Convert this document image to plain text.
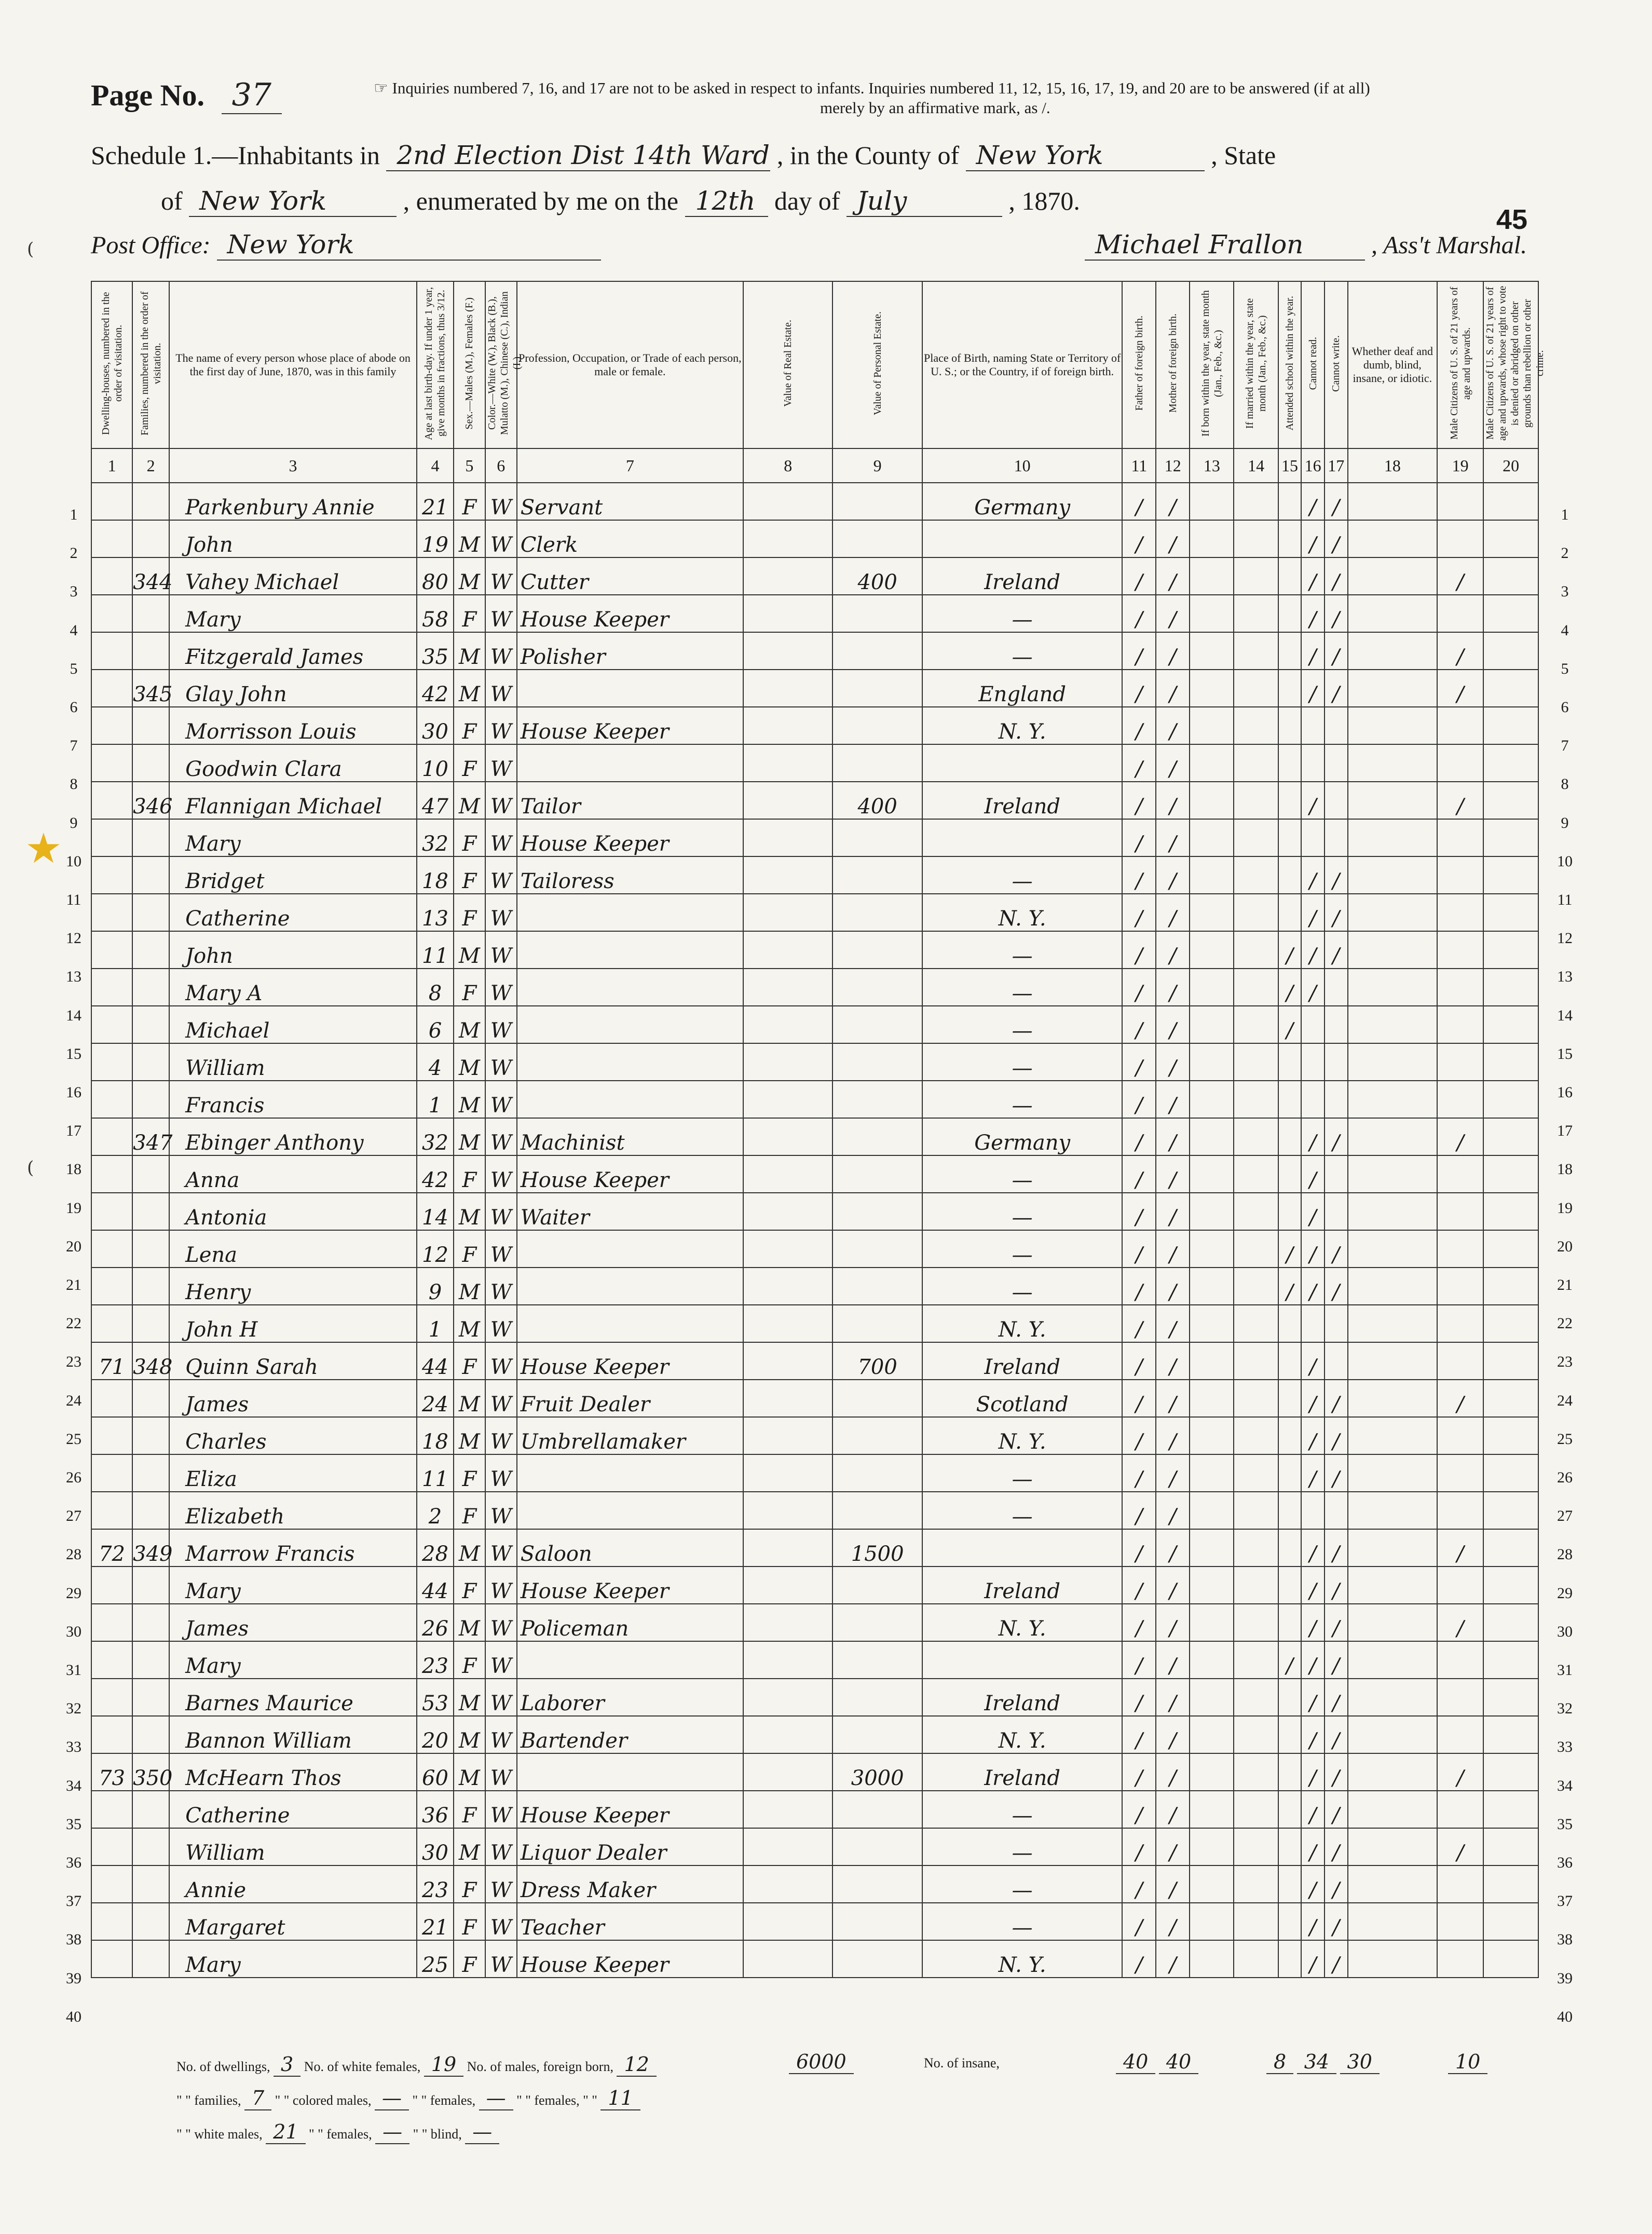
Page No. 37	☞ Inquiries numbered 7, 16, and 17 are not to be asked in respect to infants. Inquiries numbered 11, 12, 15, 16, 17, 19, and 20 are to be answered (if at all)
merely by an affirmative mark, as /.
Schedule 1.—Inhabitants in 2nd Election Dist 14th Ward , in the County of New York	, State
of New York	, enumerated by me on the 12th day of July	, 1870.
Post Office: New York
45
Michael Frallon	, Ass't Marshal.
★
(
(
Dwelling-houses, numbered in the order of visitation.	Families, numbered in the order of visitation.	The name of every person whose place of abode on the first day of June, 1870, was in this family	Age at last birth-day. If under 1 year, give months in fractions, thus 3/12.	Sex.—Males (M.), Females (F.)	Color.—White (W.), Black (B.), Mulatto (M.), Chinese (C.), Indian (I.)	Profession, Occupation, or Trade of each person, male or female.	Value of Real Estate.	Value of Personal Estate.	Place of Birth, naming State or Territory of U. S.; or the Country, if of foreign birth.	Father of foreign birth.	Mother of foreign birth.	If born within the year, state month (Jan., Feb., &c.)	If married within the year, state month (Jan., Feb., &c.)	Attended school within the year.	Cannot read.	Cannot write.	Whether deaf and dumb, blind, insane, or idiotic.	Male Citizens of U. S. of 21 years of age and upwards.	Male Citizens of U. S. of 21 years of age and upwards, whose right to vote is denied or abridged on other grounds than rebellion or other crime.
1	2	3	4	5	6	7	8	9	10	11	12	13	14	15	16	17	18	19	20
		Parkenbury Annie	21	F	W	Servant			Germany	/	/				/	/			
		John	19	M	W	Clerk				/	/				/	/			
	344	Vahey Michael	80	M	W	Cutter		400	Ireland	/	/				/	/		/	
		Mary	58	F	W	House Keeper			—	/	/				/	/			
		Fitzgerald James	35	M	W	Polisher			—	/	/				/	/		/	
	345	Glay John	42	M	W				England	/	/				/	/		/	
		Morrisson Louis	30	F	W	House Keeper			N. Y.	/	/								
		Goodwin Clara	10	F	W					/	/								
	346	Flannigan Michael	47	M	W	Tailor		400	Ireland	/	/				/			/	
		Mary	32	F	W	House Keeper				/	/								
		Bridget	18	F	W	Tailoress			—	/	/				/	/			
		Catherine	13	F	W				N. Y.	/	/				/	/			
		John	11	M	W				—	/	/			/	/	/			
		Mary A	8	F	W				—	/	/			/	/				
		Michael	6	M	W				—	/	/			/					
		William	4	M	W				—	/	/								
		Francis	1	M	W				—	/	/								
	347	Ebinger Anthony	32	M	W	Machinist			Germany	/	/				/	/		/	
		Anna	42	F	W	House Keeper			—	/	/				/				
		Antonia	14	M	W	Waiter			—	/	/				/				
		Lena	12	F	W				—	/	/			/	/	/			
		Henry	9	M	W				—	/	/			/	/	/			
		John H	1	M	W				N. Y.	/	/								
71	348	Quinn Sarah	44	F	W	House Keeper		700	Ireland	/	/				/				
		James	24	M	W	Fruit Dealer			Scotland	/	/				/	/		/	
		Charles	18	M	W	Umbrellamaker			N. Y.	/	/				/	/			
		Eliza	11	F	W				—	/	/				/	/			
		Elizabeth	2	F	W				—	/	/								
72	349	Marrow Francis	28	M	W	Saloon		1500		/	/				/	/		/	
		Mary	44	F	W	House Keeper			Ireland	/	/				/	/			
		James	26	M	W	Policeman			N. Y.	/	/				/	/		/	
		Mary	23	F	W					/	/			/	/	/			
		Barnes Maurice	53	M	W	Laborer			Ireland	/	/				/	/			
		Bannon William	20	M	W	Bartender			N. Y.	/	/				/	/			
73	350	McHearn Thos	60	M	W			3000	Ireland	/	/				/	/		/	
		Catherine	36	F	W	House Keeper			—	/	/				/	/			
		William	30	M	W	Liquor Dealer			—	/	/				/	/		/	
		Annie	23	F	W	Dress Maker			—	/	/				/	/			
		Margaret	21	F	W	Teacher			—	/	/				/	/			
		Mary	25	F	W	House Keeper			N. Y.	/	/				/	/			
No. of dwellings, 3 No. of white females, 19 No. of males, foreign born, 12
" " families, 7 " " colored males, — " " females, — " " females, " " 11
" " white males, 21 " " females, — " " blind, —
6000	No. of insane,	40 40	8 34 30	10
1	1
2	2
3	3
4	4
5	5
6	6
7	7
8	8
9	9
10	10
11	11
12	12
13	13
14	14
15	15
16	16
17	17
18	18
19	19
20	20
21	21
22	22
23	23
24	24
25	25
26	26
27	27
28	28
29	29
30	30
31	31
32	32
33	33
34	34
35	35
36	36
37	37
38	38
39	39
40	40
